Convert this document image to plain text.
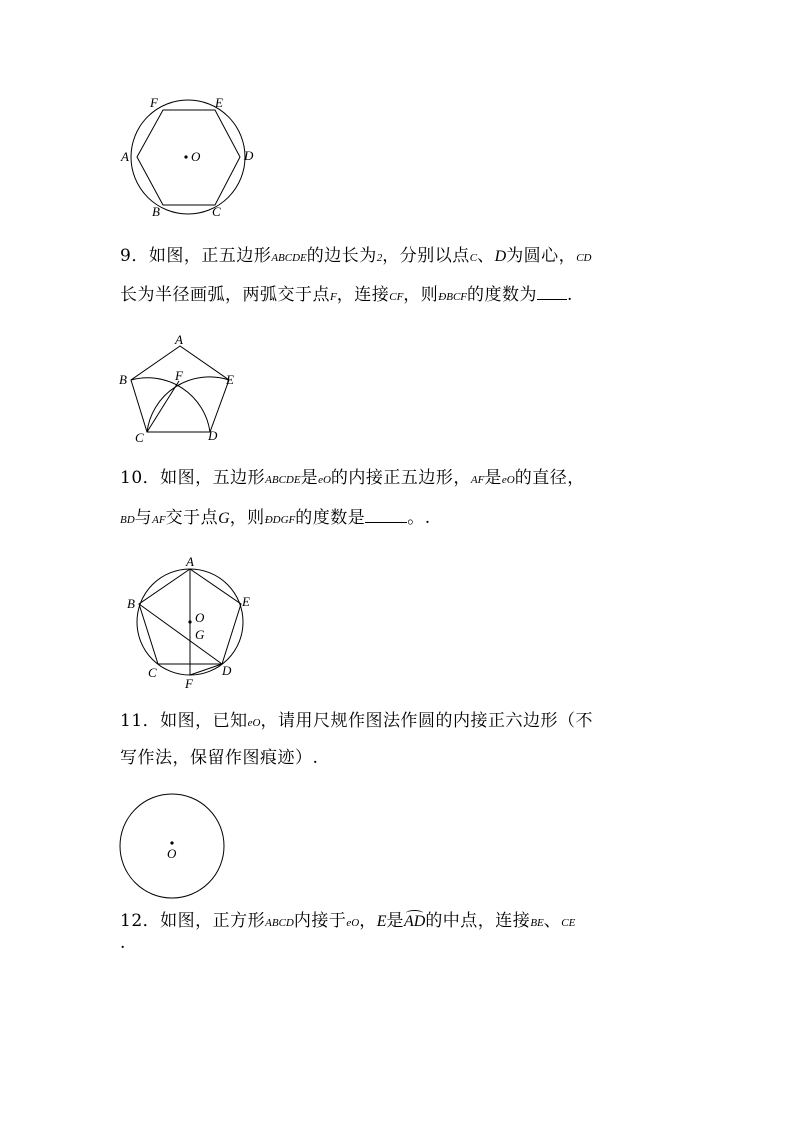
F	E
A	O	D
B	C
9．如图，正五边形ABCDE的边长为2，分别以点C、D为圆心，CD
长为半径画弧，两弧交于点F，连接CF，则ÐBCF的度数为 .
A
B	F	E
C	D
10．如图，五边形ABCDE是eO的内接正五边形，AF是eO的直径，
BD与AF交于点G，则ÐDGF的度数是 。.
A
B
O
E
G
C	D
F
11．如图，已知eO，请用尺规作图法作圆的内接正六边形（不
写作法，保留作图痕迹）.
O
12．如图，正方形ABCD内接于eO，E是AD的中点，连接BE、CE
.
